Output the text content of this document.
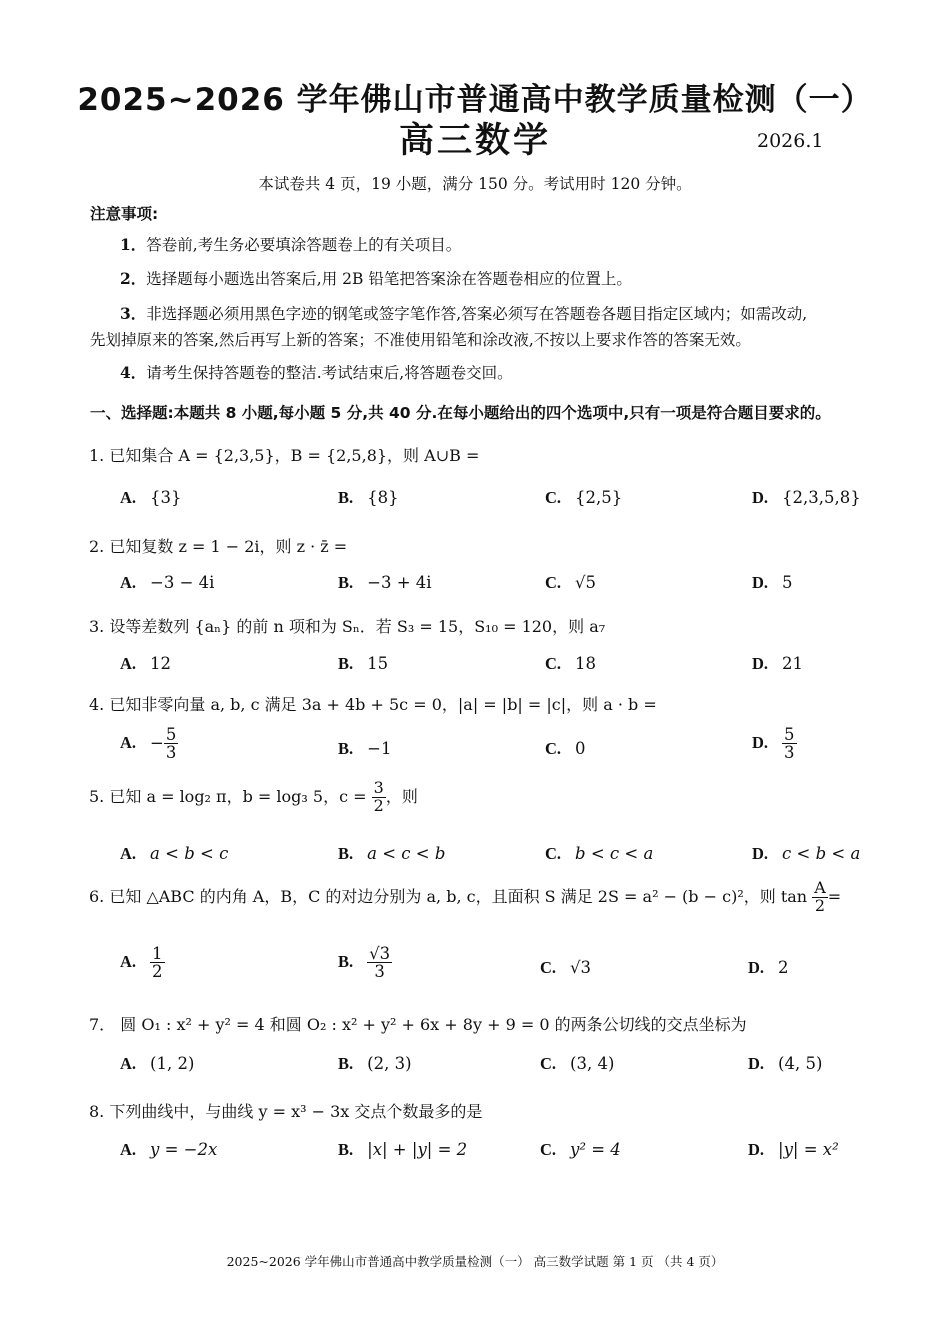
2025~2026 学年佛山市普通高中教学质量检测（一）
高三数学	2026.1
本试卷共 4 页，19 小题，满分 150 分。考试用时 120 分钟。
注意事项:
1．答卷前,考生务必要填涂答题卷上的有关项目。
2．选择题每小题选出答案后,用 2B 铅笔把答案涂在答题卷相应的位置上。
3．非选择题必须用黑色字迹的钢笔或签字笔作答,答案必须写在答题卷各题目指定区域内；如需改动,
先划掉原来的答案,然后再写上新的答案；不准使用铅笔和涂改液,不按以上要求作答的答案无效。
4．请考生保持答题卷的整洁.考试结束后,将答题卷交回。
一、选择题:本题共 8 小题,每小题 5 分,共 40 分.在每小题给出的四个选项中,只有一项是符合题目要求的。
1. 已知集合 A = {2,3,5}，B = {2,5,8}，则 A∪B =
A. {3}	B. {8}	C. {2,5}	D. {2,3,5,8}
2. 已知复数 z = 1 − 2i，则 z · z̄ =
A. −3 − 4i	B. −3 + 4i	C. √5	D. 5
3. 设等差数列 {aₙ} 的前 n 项和为 Sₙ．若 S₃ = 15，S₁₀ = 120，则 a₇
A. 12	B. 15	C. 18	D. 21
4. 已知非零向量 a, b, c 满足 3a + 4b + 5c = 0，|a| = |b| = |c|，则 a · b =
A. − $\frac{5}{3}$	B. −1	C. 0	D. $\frac{5}{3}$
5. 已知 a = log₂ π，b = log₃ 5，$c = \frac{3}{2}$ ，则
A. a < b < c	B. a < c < b	C. b < c < a	D. c < b < a
6. 已知 △ABC 的内角 A，B，C 的对边分别为 a, b, c，且面积 S 满足 2S = a² − (b − c)²，则 $\tan \frac{A}{2}$ =
A. $\frac{1}{2}$	B. $\frac{√3}{3}$	C. √3	D. 2
7． 圆 O₁ : x² + y² = 4 和圆 O₂ : x² + y² + 6x + 8y + 9 = 0 的两条公切线的交点坐标为
A. (1, 2)	B. (2, 3)	C. (3, 4)	D. (4, 5)
8. 下列曲线中，与曲线 y = x³ − 3x 交点个数最多的是
A. y = −2x	B. |x| + |y| = 2	C. y² = 4	D. |y| = x²
2025~2026 学年佛山市普通高中教学质量检测（一） 高三数学试题 第 1 页 （共 4 页）
